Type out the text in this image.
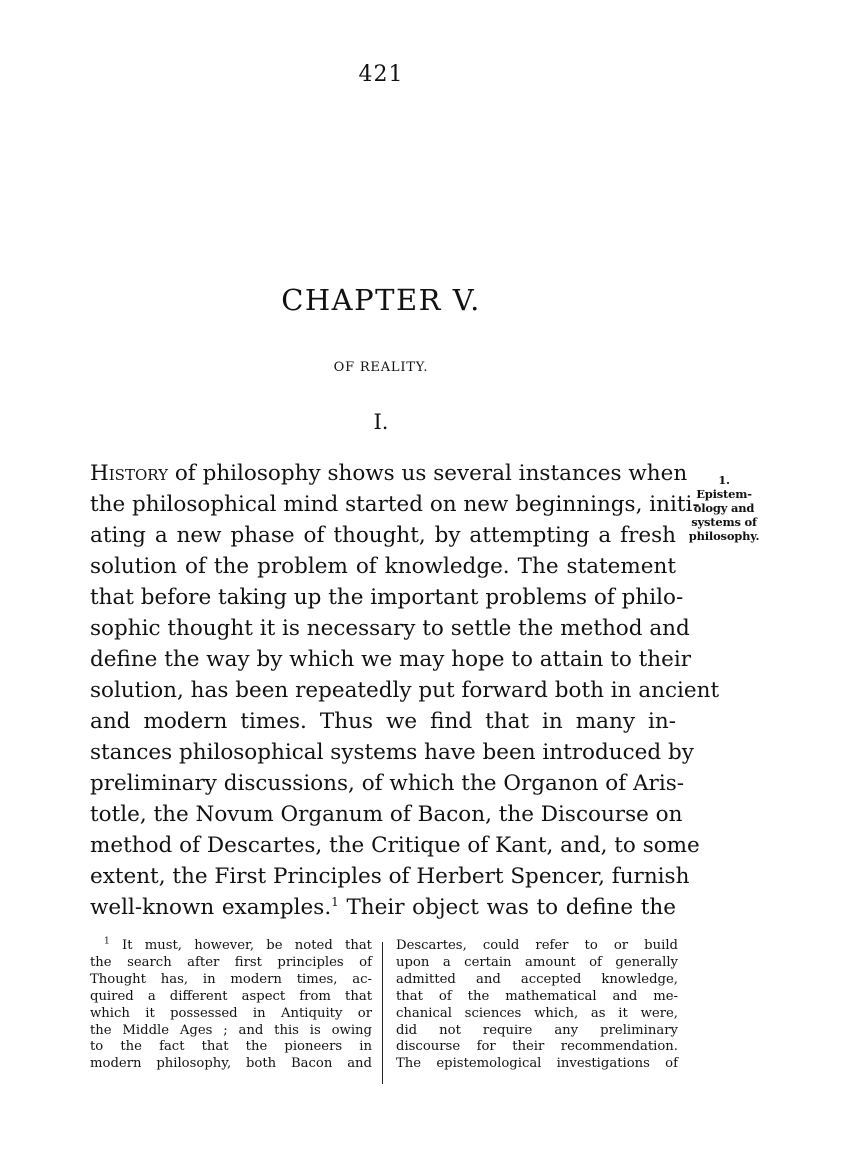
421
CHAPTER V.
OF REALITY.
I.
History of philosophy shows us several instances when
the philosophical mind started on new beginnings, initi-
ating a new phase of thought, by attempting a fresh
solution of the problem of knowledge. The statement
that before taking up the important problems of philo-
sophic thought it is necessary to settle the method and
define the way by which we may hope to attain to their
solution, has been repeatedly put forward both in ancient
and modern times. Thus we find that in many in-
stances philosophical systems have been introduced by
preliminary discussions, of which the Organon of Aris-
totle, the Novum Organum of Bacon, the Discourse on
method of Descartes, the Critique of Kant, and, to some
extent, the First Principles of Herbert Spencer, furnish
well-known examples.$^1$ Their object was to define the
1.
Epistem-
ology and
systems of
philosophy.
$^1$ It must, however, be noted that
the search after first principles of
Thought has, in modern times, ac-
quired a different aspect from that
which it possessed in Antiquity or
the Middle Ages ; and this is owing
to the fact that the pioneers in
modern philosophy, both Bacon and
Descartes, could refer to or build
upon a certain amount of generally
admitted and accepted knowledge,
that of the mathematical and me-
chanical sciences which, as it were,
did not require any preliminary
discourse for their recommendation.
The epistemological investigations of
